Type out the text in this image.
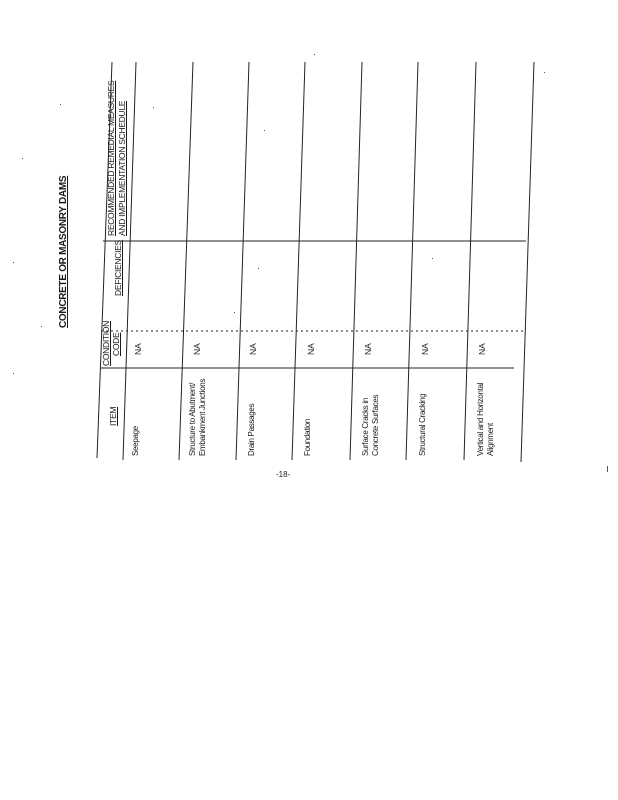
CONCRETE OR MASONRY DAMS
ITEM
CONDITION CODE
DEFICIENCIES
RECOMMENDED REMEDIAL MEASURES AND IMPLEMENTATION SCHEDULE
Seepage
NA
Structure to Abutment/ Embankment Junctions
NA
Drain Passages
NA
Foundation
NA
Surface Cracks in Concrete Surfaces
NA
Structural Cracking
NA
Vertical and Horizontal Alignment
NA
-18-
